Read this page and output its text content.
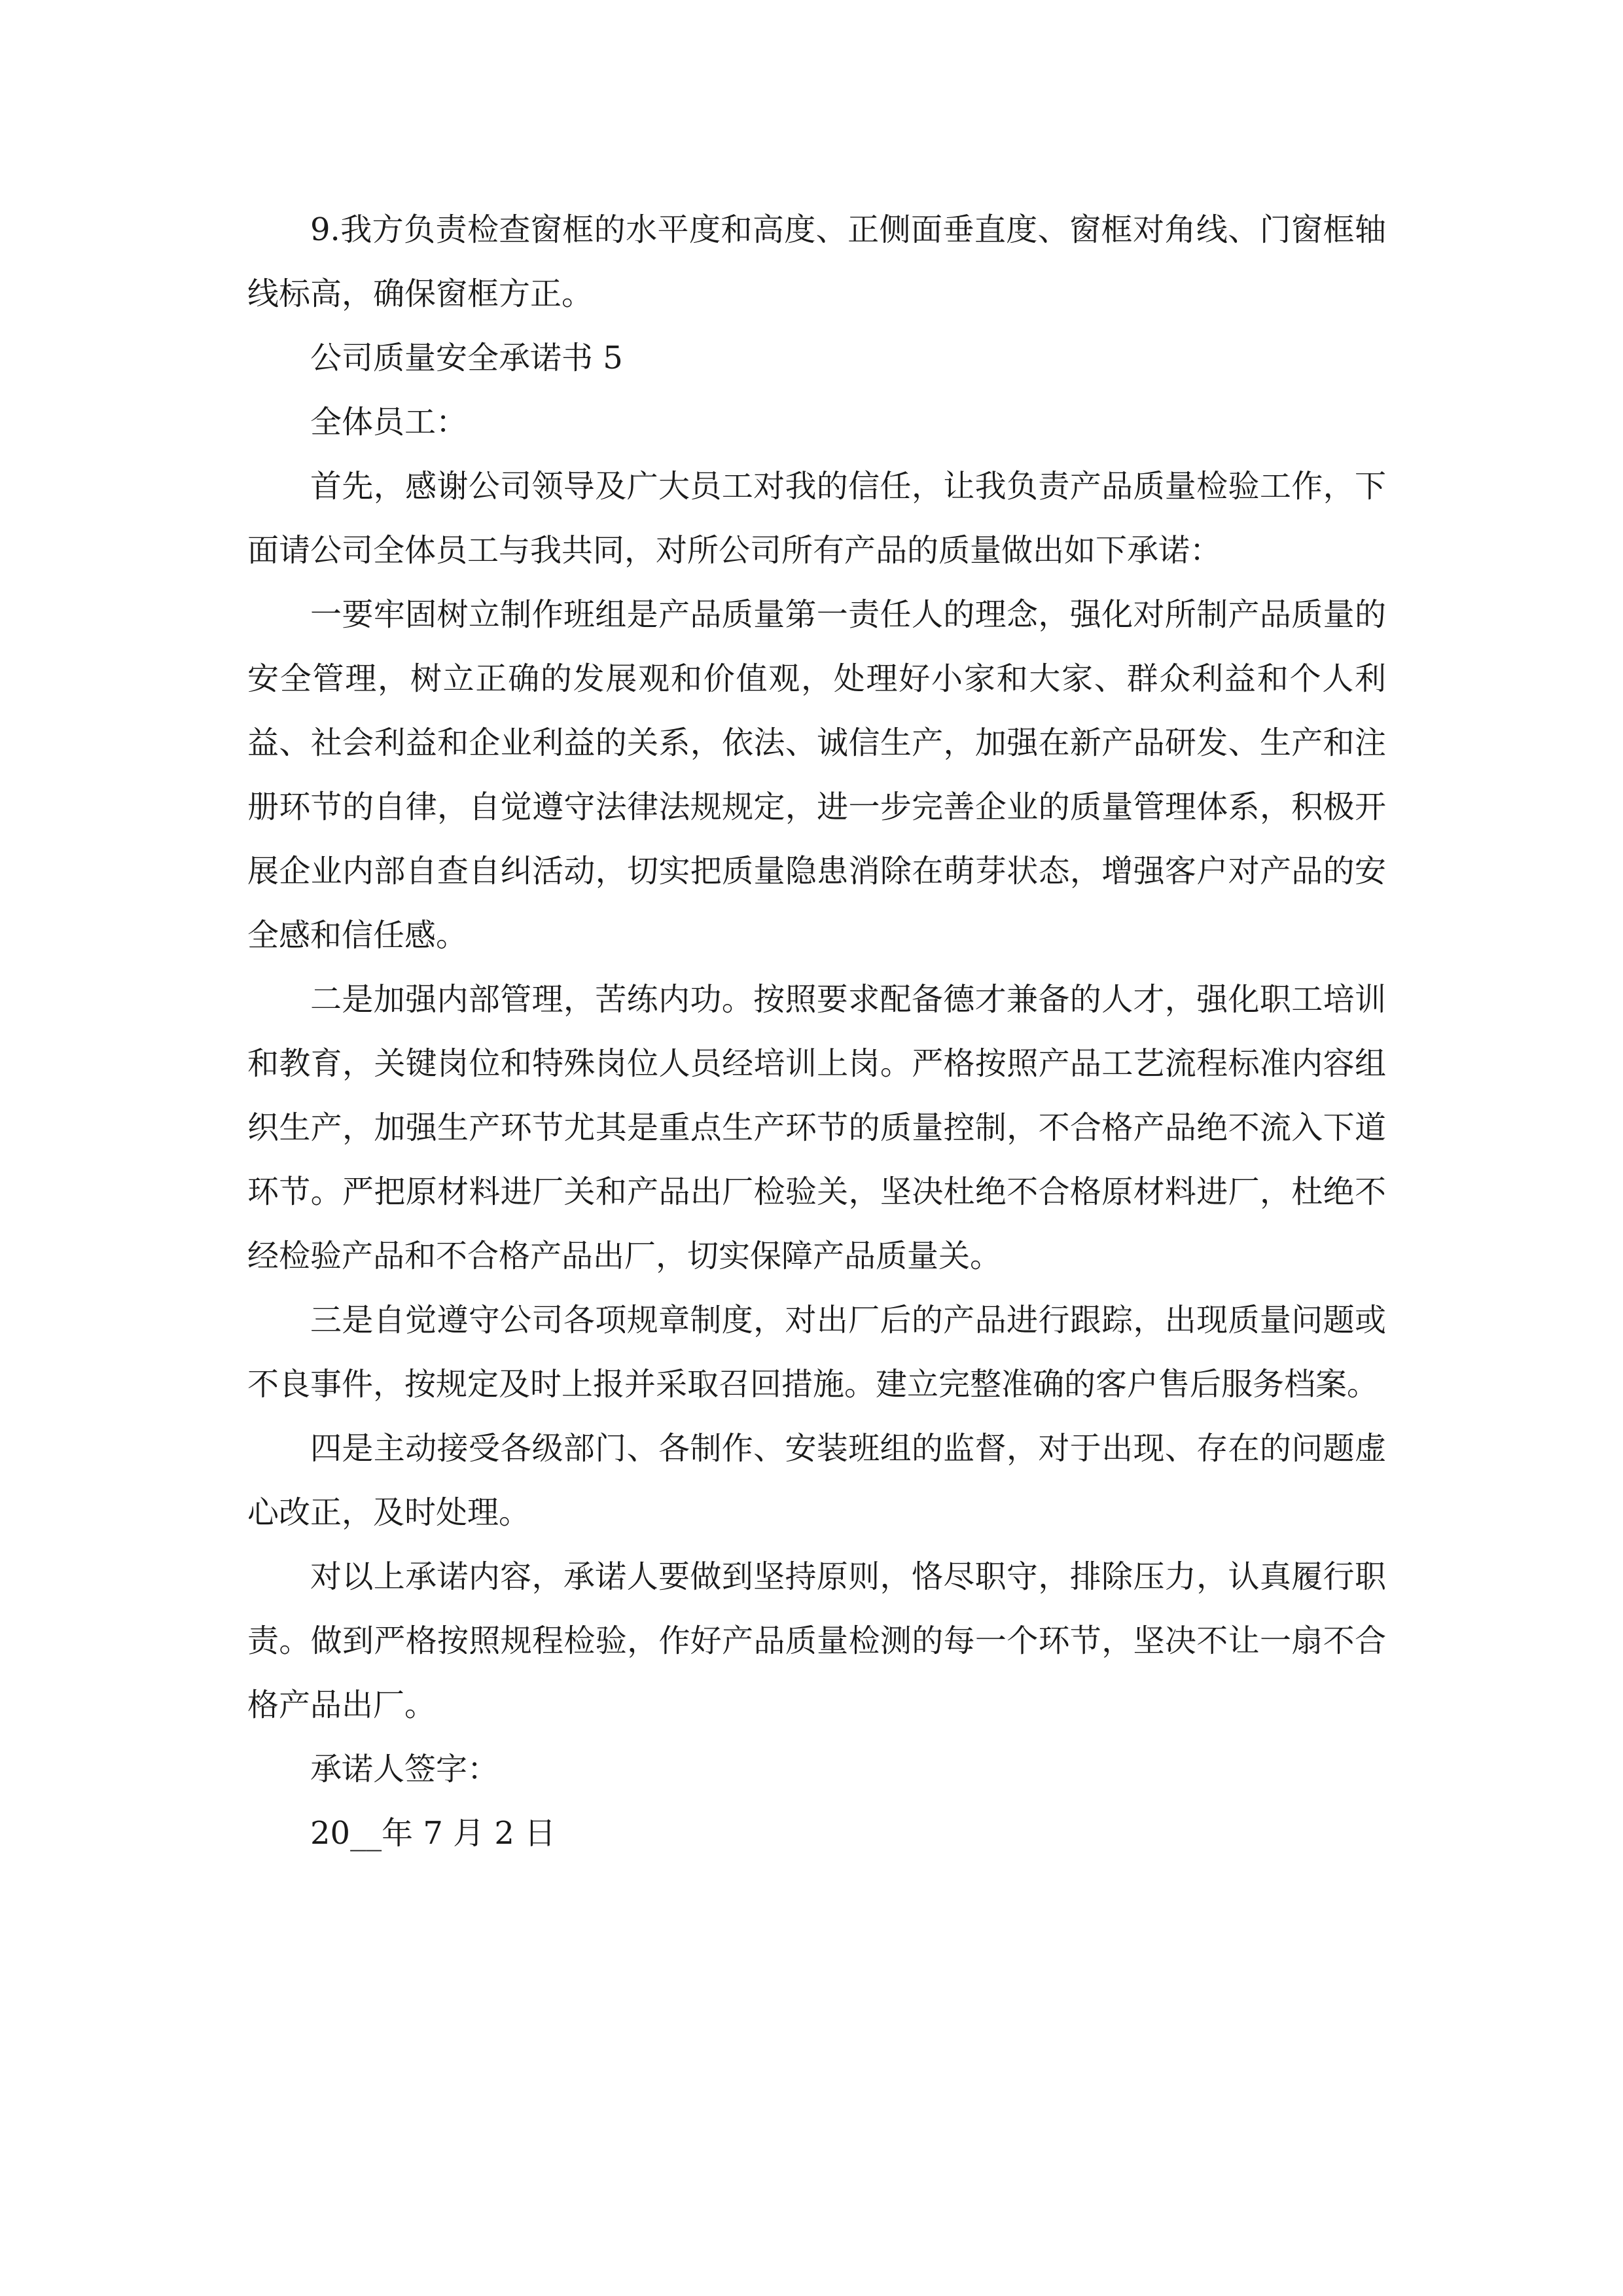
9.我方负责检查窗框的水平度和高度、正侧面垂直度、窗框对角线、门窗框轴线标高，确保窗框方正。

公司质量安全承诺书 5

全体员工：

首先，感谢公司领导及广大员工对我的信任，让我负责产品质量检验工作，下面请公司全体员工与我共同，对所公司所有产品的质量做出如下承诺：

一要牢固树立制作班组是产品质量第一责任人的理念，强化对所制产品质量的安全管理，树立正确的发展观和价值观，处理好小家和大家、群众利益和个人利益、社会利益和企业利益的关系，依法、诚信生产，加强在新产品研发、生产和注册环节的自律，自觉遵守法律法规规定，进一步完善企业的质量管理体系，积极开展企业内部自查自纠活动，切实把质量隐患消除在萌芽状态，增强客户对产品的安全感和信任感。

二是加强内部管理，苦练内功。按照要求配备德才兼备的人才，强化职工培训和教育，关键岗位和特殊岗位人员经培训上岗。严格按照产品工艺流程标准内容组织生产，加强生产环节尤其是重点生产环节的质量控制，不合格产品绝不流入下道环节。严把原材料进厂关和产品出厂检验关，坚决杜绝不合格原材料进厂，杜绝不经检验产品和不合格产品出厂，切实保障产品质量关。

三是自觉遵守公司各项规章制度，对出厂后的产品进行跟踪，出现质量问题或不良事件，按规定及时上报并采取召回措施。建立完整准确的客户售后服务档案。

四是主动接受各级部门、各制作、安装班组的监督，对于出现、存在的问题虚心改正，及时处理。

对以上承诺内容，承诺人要做到坚持原则，恪尽职守，排除压力，认真履行职责。做到严格按照规程检验，作好产品质量检测的每一个环节，坚决不让一扇不合格产品出厂。

承诺人签字：

20__年 7 月 2 日
